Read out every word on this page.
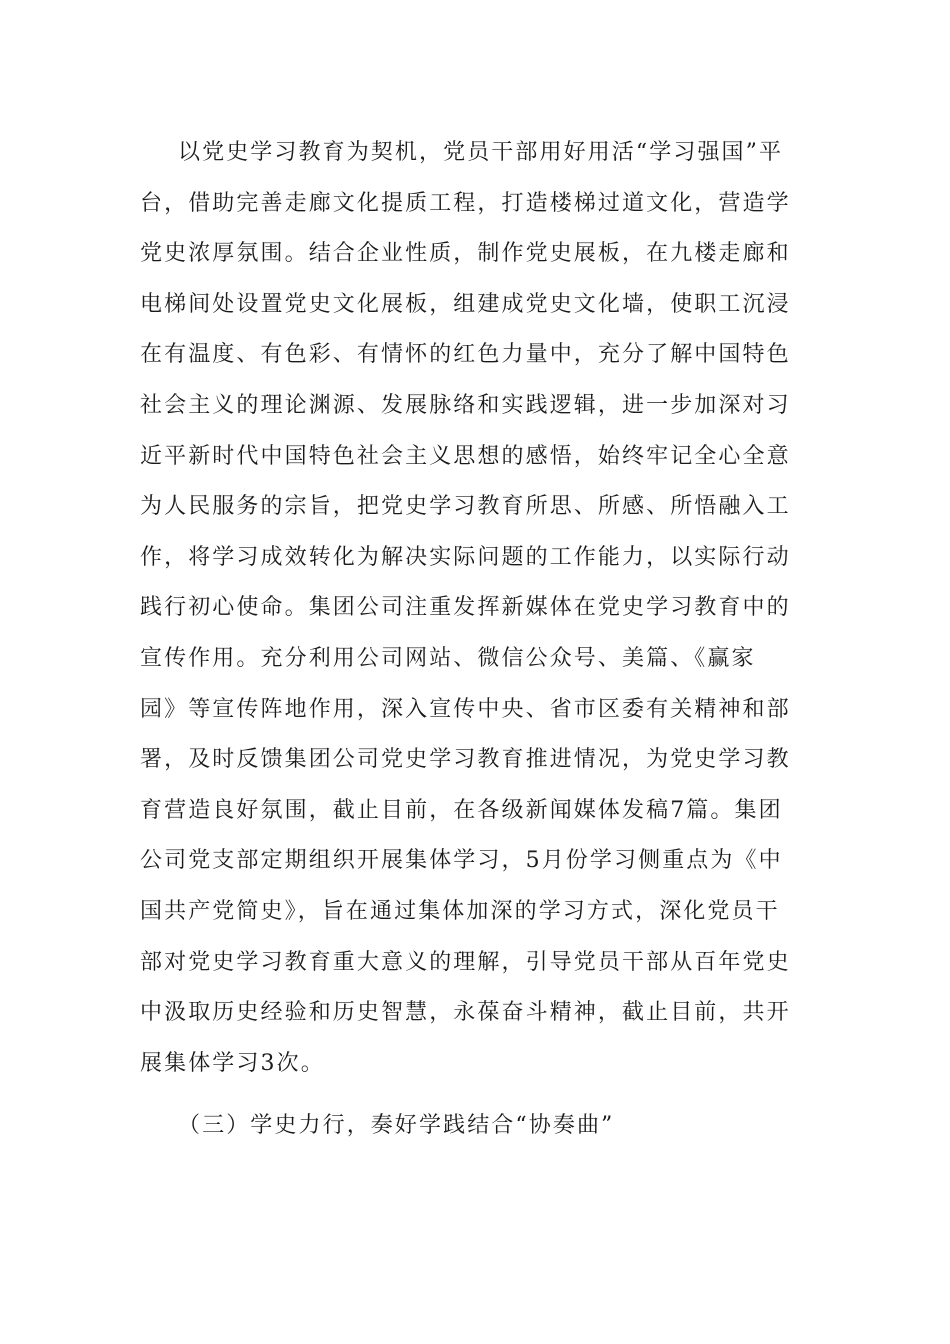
以党史学习教育为契机，党员干部用好用活“学习强国”平
台，借助完善走廊文化提质工程，打造楼梯过道文化，营造学
党史浓厚氛围。结合企业性质，制作党史展板，在九楼走廊和
电梯间处设置党史文化展板，组建成党史文化墙，使职工沉浸
在有温度、有色彩、有情怀的红色力量中，充分了解中国特色
社会主义的理论渊源、发展脉络和实践逻辑，进一步加深对习
近平新时代中国特色社会主义思想的感悟，始终牢记全心全意
为人民服务的宗旨，把党史学习教育所思、所感、所悟融入工
作，将学习成效转化为解决实际问题的工作能力，以实际行动
践行初心使命。集团公司注重发挥新媒体在党史学习教育中的
宣传作用。充分利用公司网站、微信公众号、美篇、《赢家
园》等宣传阵地作用，深入宣传中央、省市区委有关精神和部
署，及时反馈集团公司党史学习教育推进情况，为党史学习教
育营造良好氛围，截止目前，在各级新闻媒体发稿7篇。集团
公司党支部定期组织开展集体学习，5月份学习侧重点为《中
国共产党简史》，旨在通过集体加深的学习方式，深化党员干
部对党史学习教育重大意义的理解，引导党员干部从百年党史
中汲取历史经验和历史智慧，永葆奋斗精神，截止目前，共开
展集体学习3次。
（三）学史力行，奏好学践结合“协奏曲”
